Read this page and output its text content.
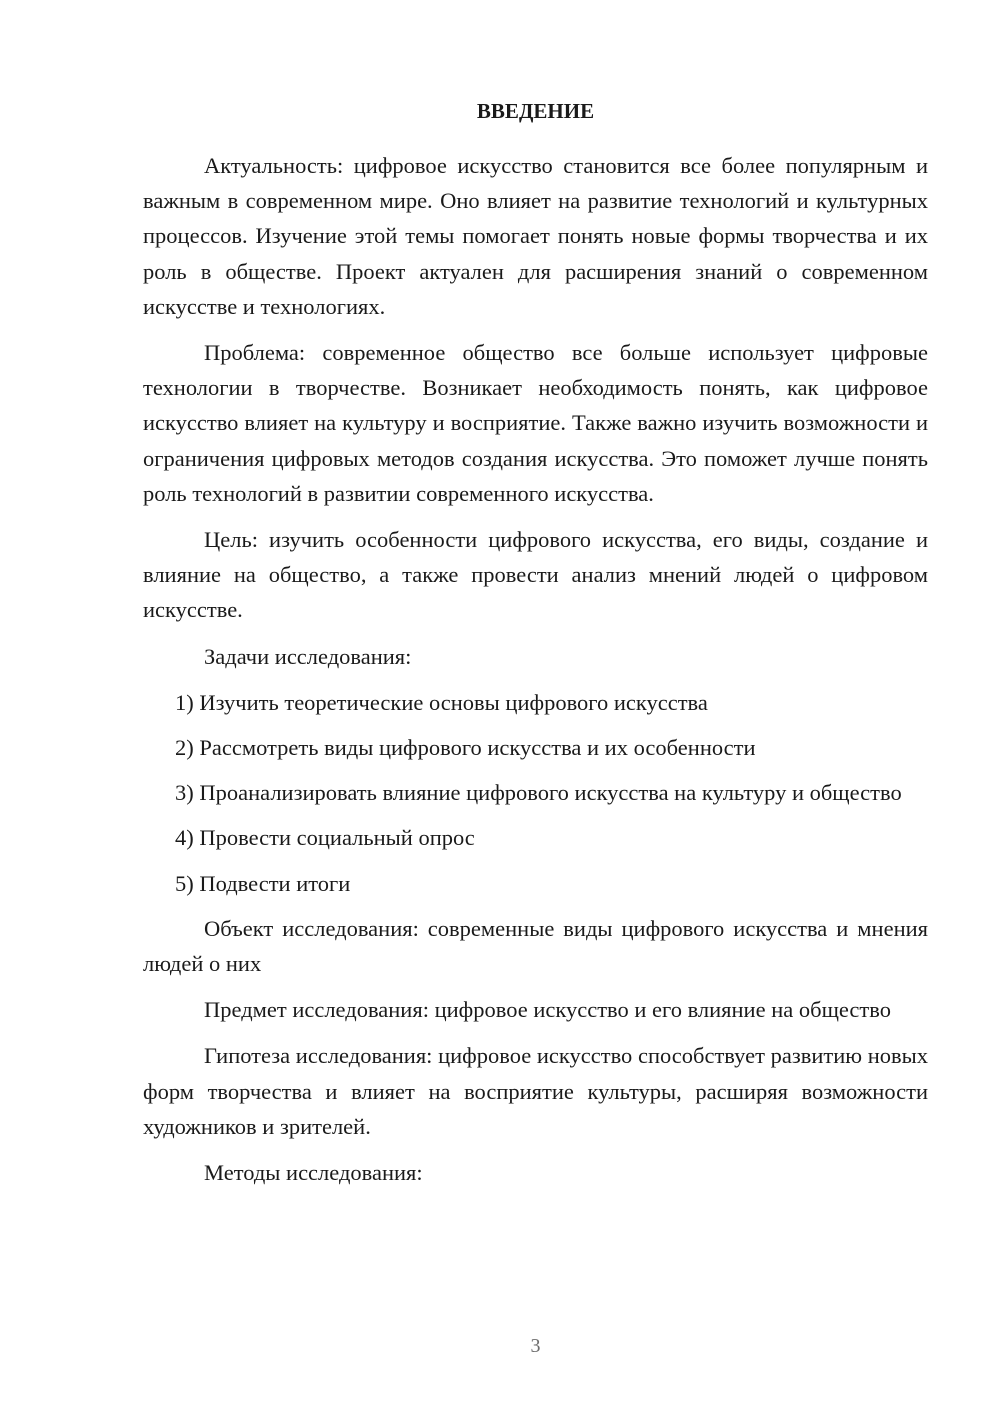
ВВЕДЕНИЕ

Актуальность: цифровое искусство становится все более популярным и важным в современном мире. Оно влияет на развитие технологий и культурных процессов. Изучение этой темы помогает понять новые формы творчества и их роль в обществе. Проект актуален для расширения знаний о современном искусстве и технологиях.

Проблема: современное общество все больше использует цифровые технологии в творчестве. Возникает необходимость понять, как цифровое искусство влияет на культуру и восприятие. Также важно изучить возможности и ограничения цифровых методов создания искусства. Это поможет лучше понять роль технологий в развитии современного искусства.

Цель: изучить особенности цифрового искусства, его виды, создание и влияние на общество, а также провести анализ мнений людей о цифровом искусстве.

Задачи исследования:

1) Изучить теоретические основы цифрового искусства

2) Рассмотреть виды цифрового искусства и их особенности

3) Проанализировать влияние цифрового искусства на культуру и общество

4) Провести социальный опрос

5) Подвести итоги

Объект исследования: современные виды цифрового искусства и мнения людей о них

Предмет исследования: цифровое искусство и его влияние на общество

Гипотеза исследования: цифровое искусство способствует развитию новых форм творчества и влияет на восприятие культуры, расширяя возможности художников и зрителей.

Методы исследования:

3
